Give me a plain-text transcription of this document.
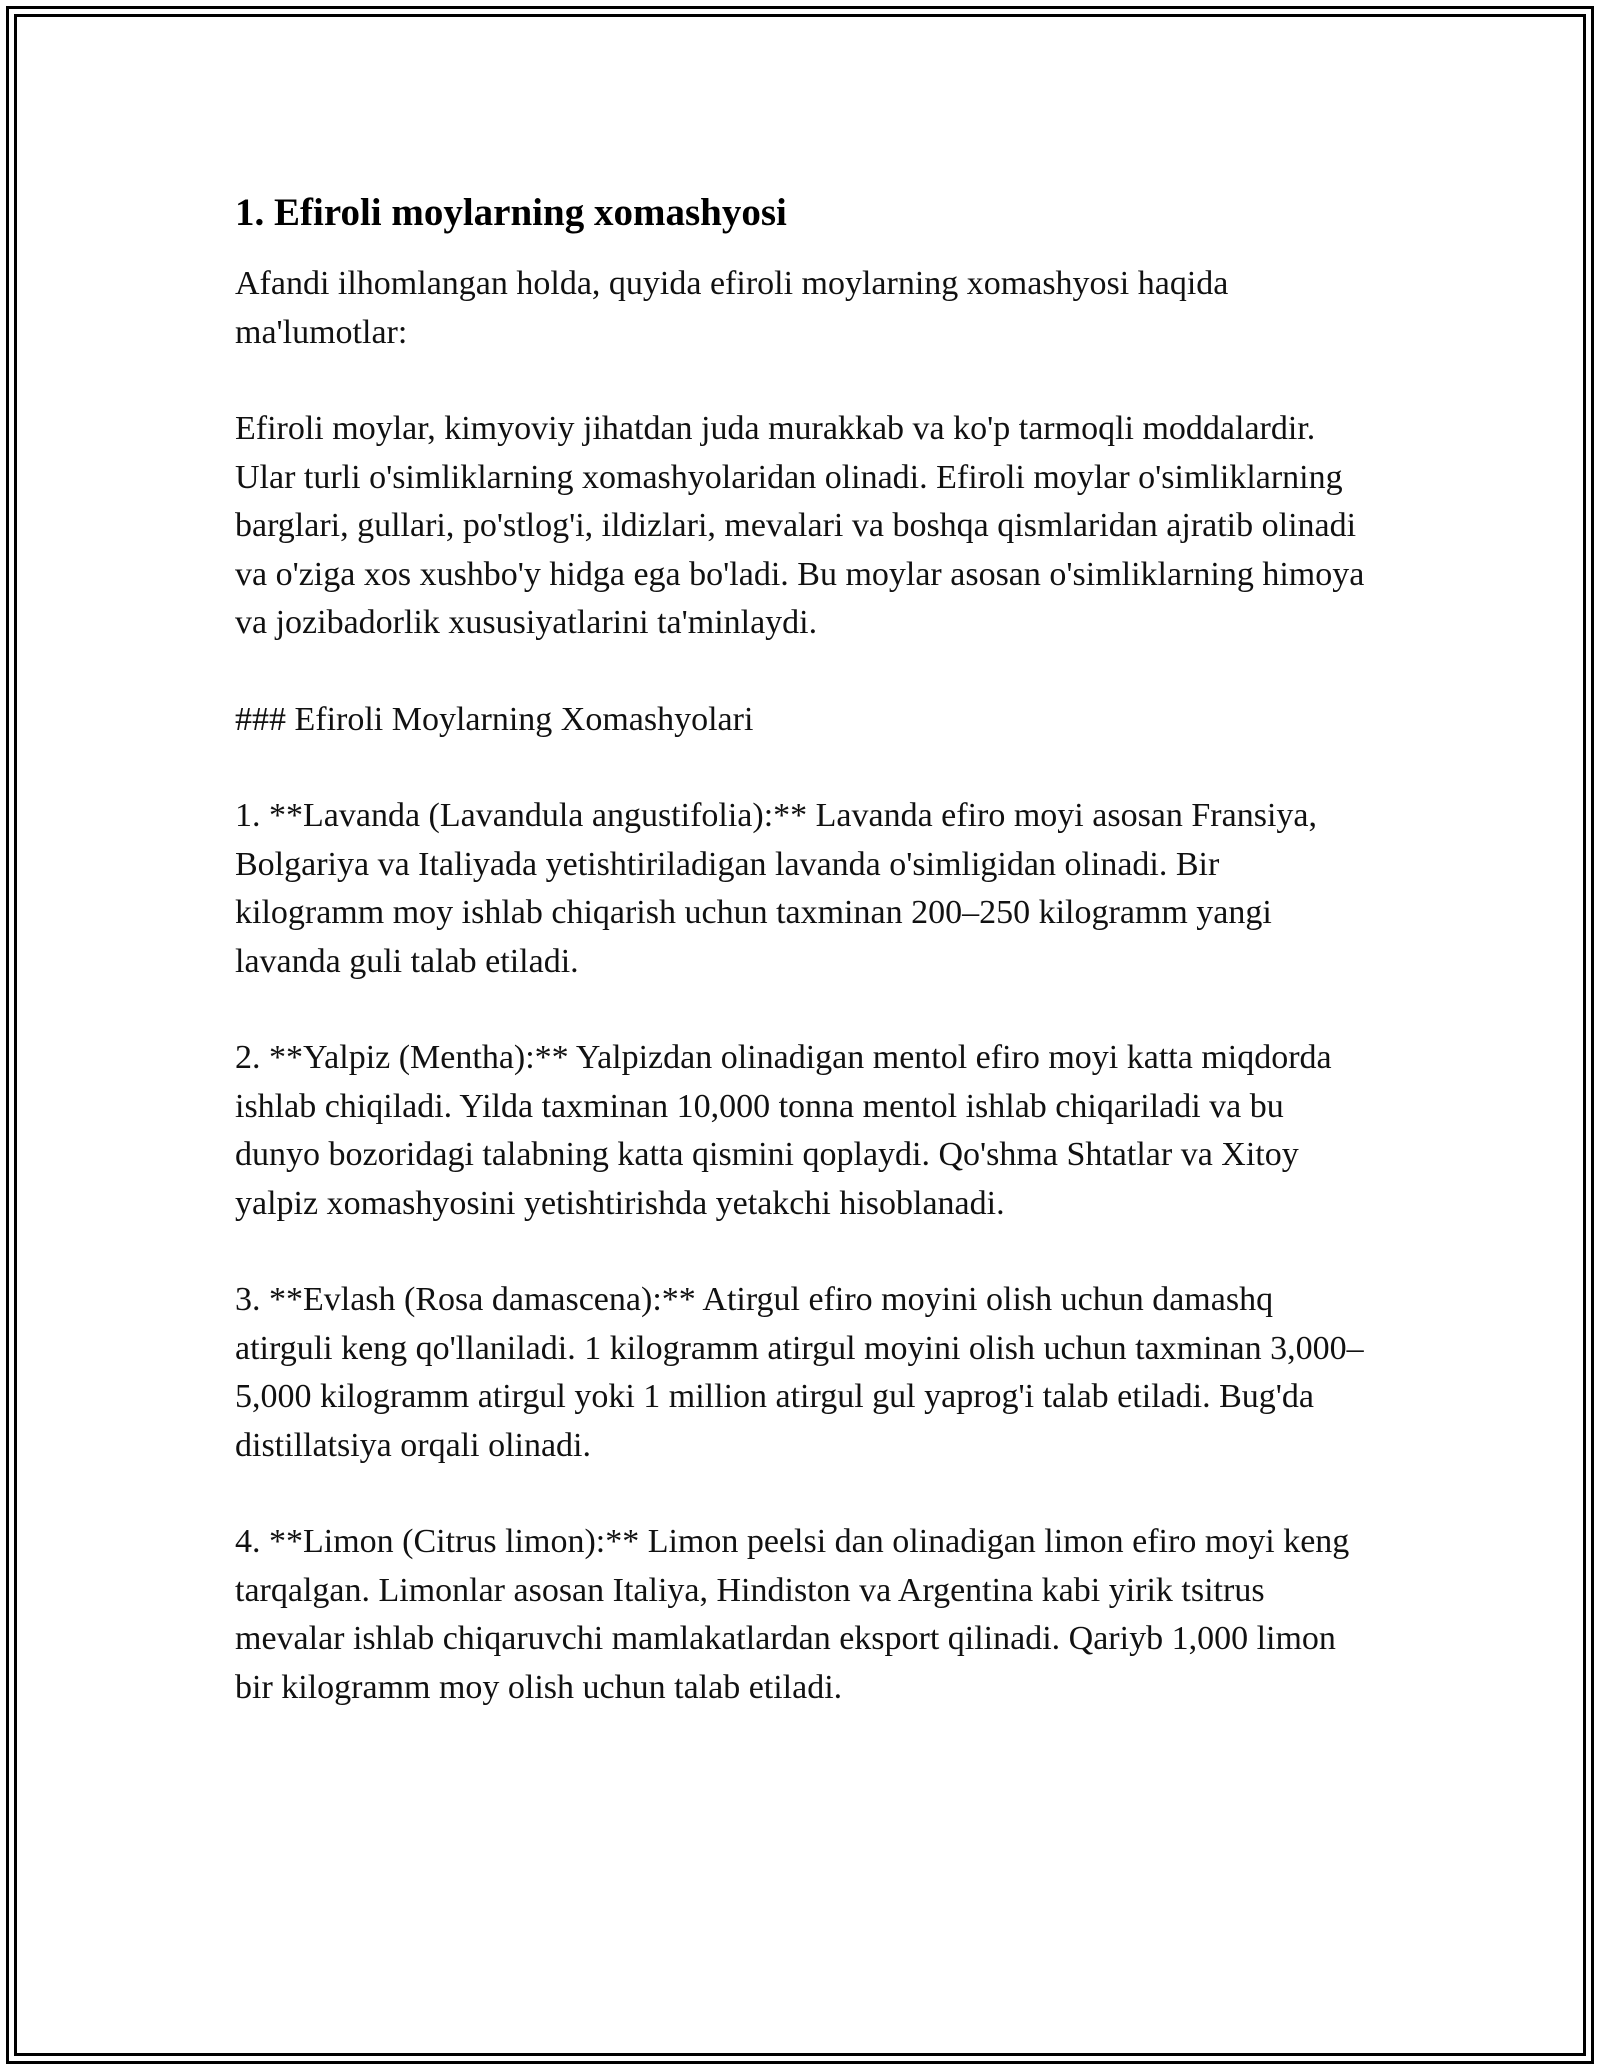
1. Efiroli moylarning xomashyosi

Afandi ilhomlangan holda, quyida efiroli moylarning xomashyosi haqida ma'lumotlar:

Efiroli moylar, kimyoviy jihatdan juda murakkab va ko'p tarmoqli moddalardir. Ular turli o'simliklarning xomashyolaridan olinadi. Efiroli moylar o'simliklarning barglari, gullari, po'stlog'i, ildizlari, mevalari va boshqa qismlaridan ajratib olinadi va o'ziga xos xushbo'y hidga ega bo'ladi. Bu moylar asosan o'simliklarning himoya va jozibadorlik xususiyatlarini ta'minlaydi.

### Efiroli Moylarning Xomashyolari

1. **Lavanda (Lavandula angustifolia):** Lavanda efiro moyi asosan Fransiya, Bolgariya va Italiyada yetishtiriladigan lavanda o'simligidan olinadi. Bir kilogramm moy ishlab chiqarish uchun taxminan 200–250 kilogramm yangi lavanda guli talab etiladi.

2. **Yalpiz (Mentha):** Yalpizdan olinadigan mentol efiro moyi katta miqdorda ishlab chiqiladi. Yilda taxminan 10,000 tonna mentol ishlab chiqariladi va bu dunyo bozoridagi talabning katta qismini qoplaydi. Qo'shma Shtatlar va Xitoy yalpiz xomashyosini yetishtirishda yetakchi hisoblanadi.

3. **Evlash (Rosa damascena):** Atirgul efiro moyini olish uchun damashq atirguli keng qo'llaniladi. 1 kilogramm atirgul moyini olish uchun taxminan 3,000–5,000 kilogramm atirgul yoki 1 million atirgul gul yaprog'i talab etiladi. Bug'da distillatsiya orqali olinadi.

4. **Limon (Citrus limon):** Limon peelsi dan olinadigan limon efiro moyi keng tarqalgan. Limonlar asosan Italiya, Hindiston va Argentina kabi yirik tsitrus mevalar ishlab chiqaruvchi mamlakatlardan eksport qilinadi. Qariyb 1,000 limon bir kilogramm moy olish uchun talab etiladi.
